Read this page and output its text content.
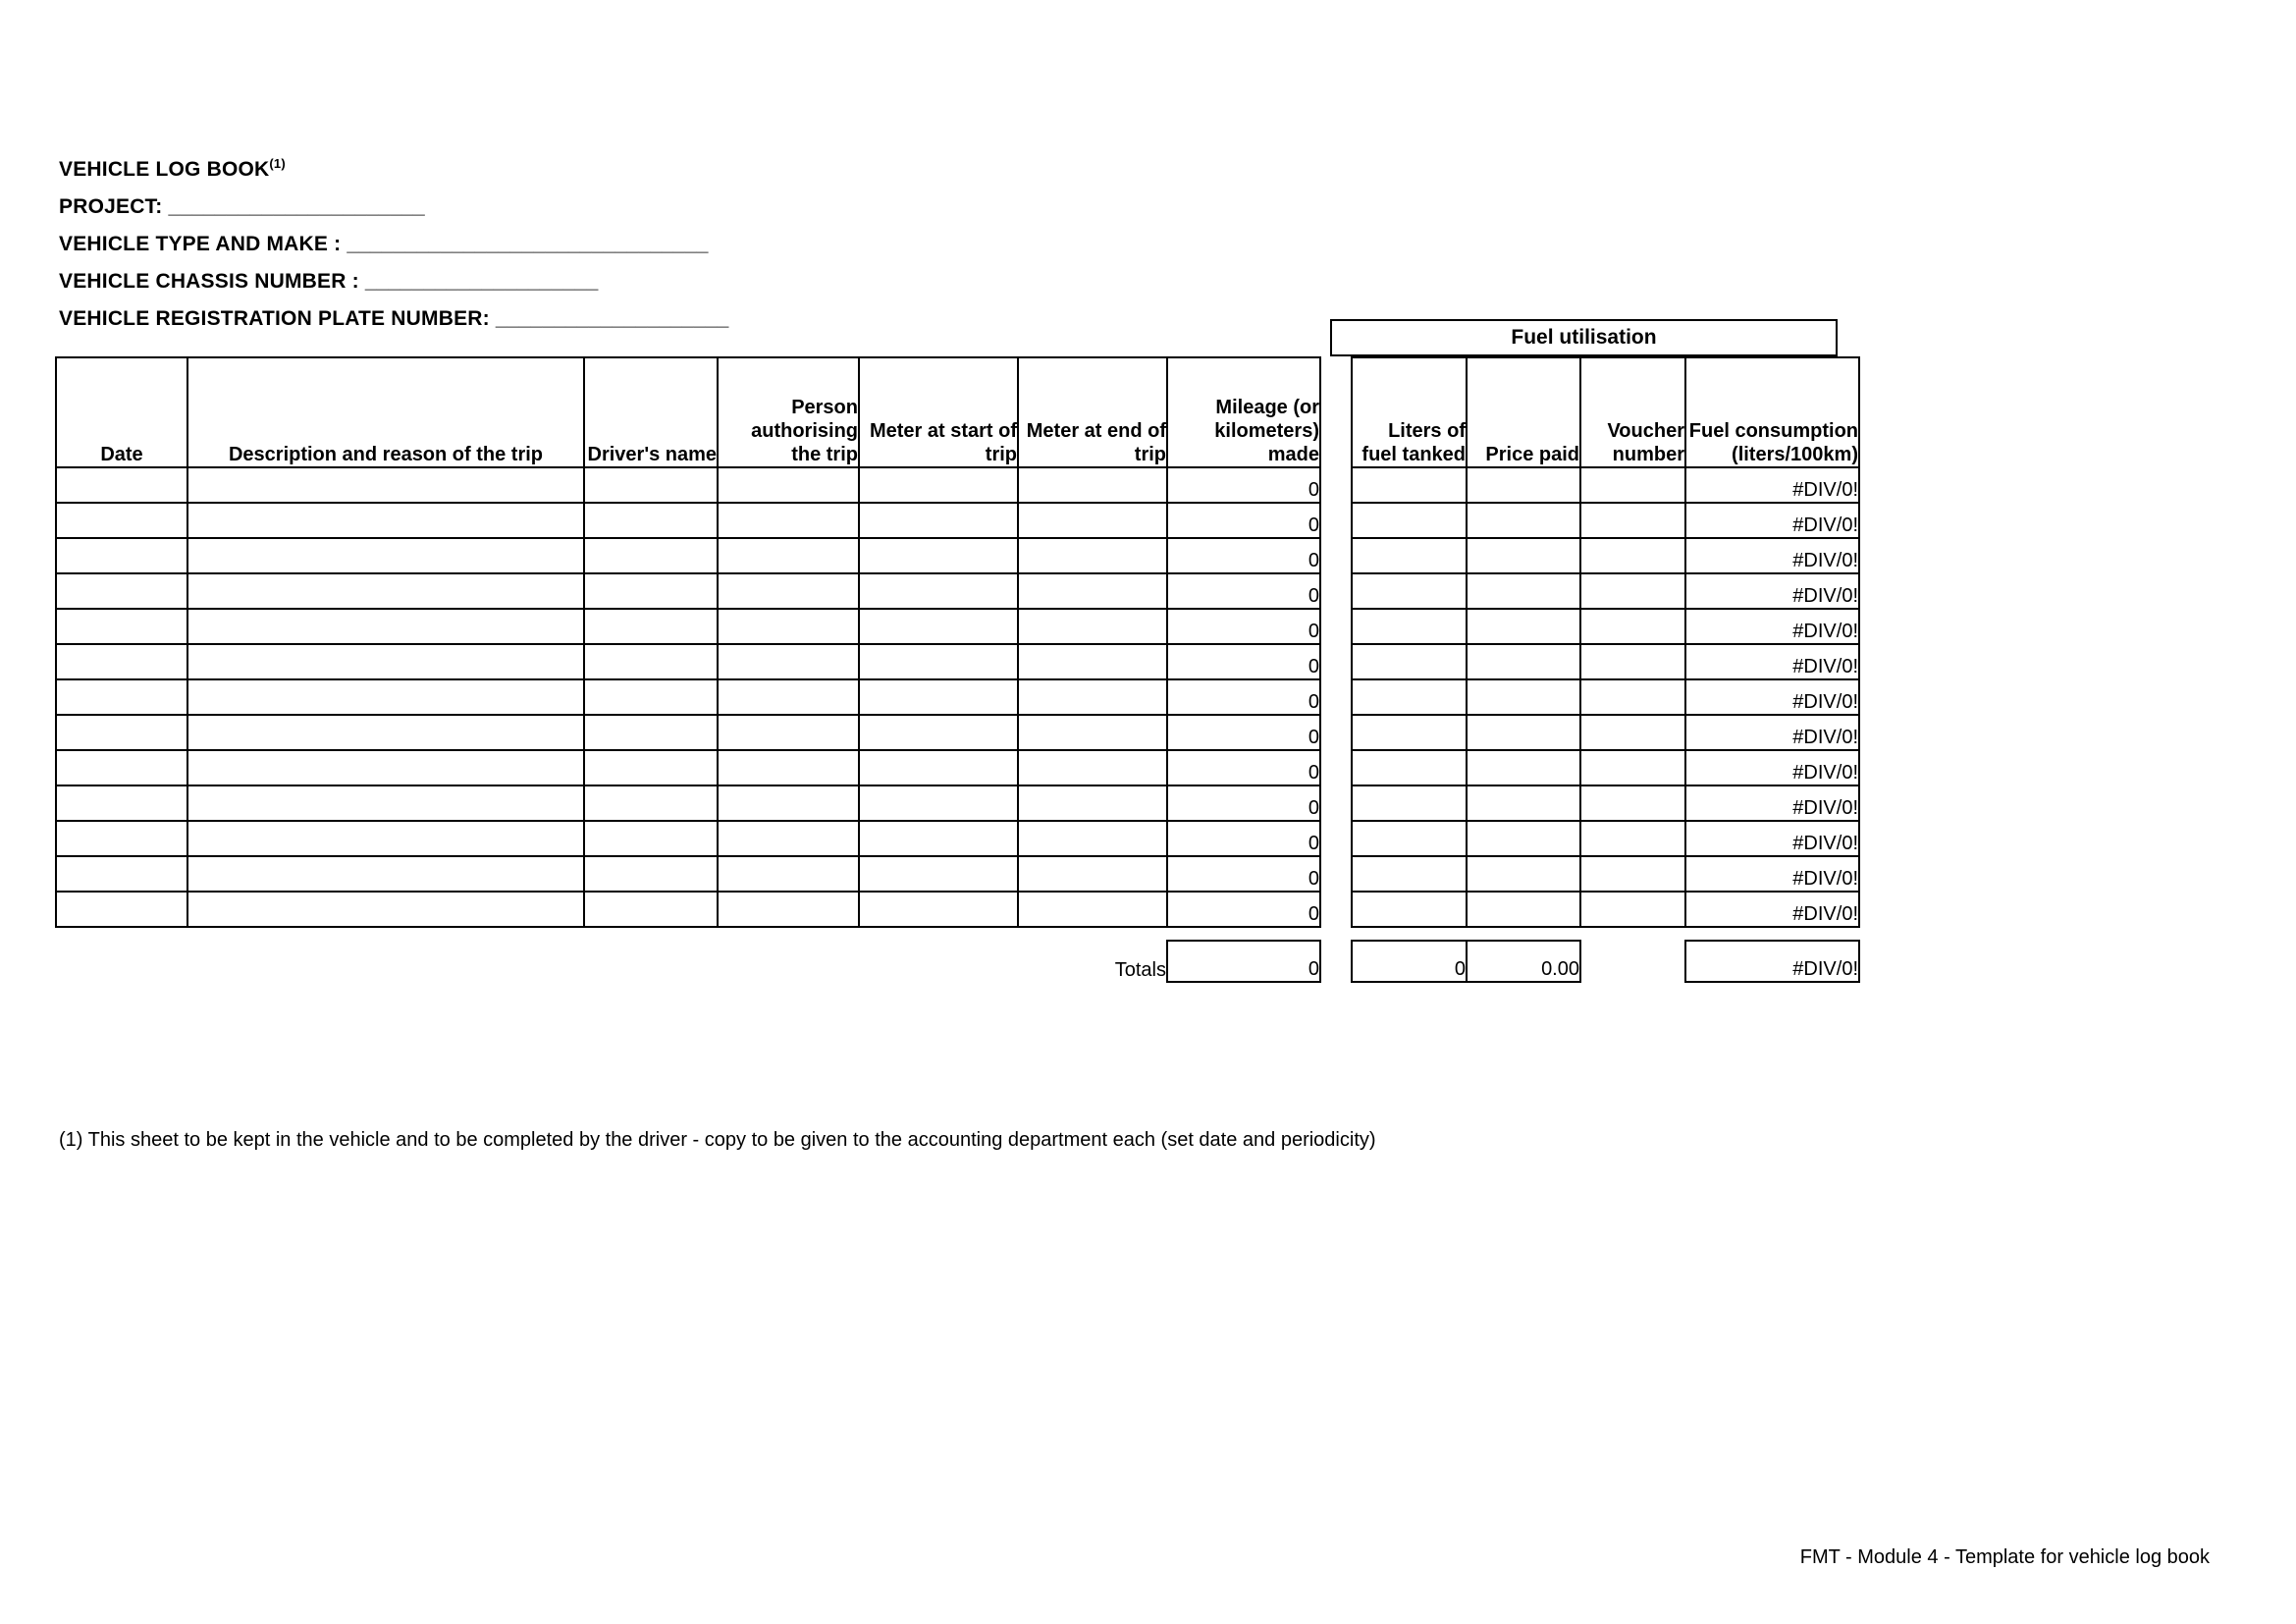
VEHICLE LOG BOOK$^{(1)}$
PROJECT: ______________________
VEHICLE TYPE AND MAKE : _______________________________
VEHICLE CHASSIS NUMBER : ____________________
VEHICLE REGISTRATION PLATE NUMBER: ____________________
Fuel utilisation
Date	Description and reason of the trip	Driver's name	Person authorising the trip	Meter at start of trip	Meter at end of trip	Mileage (or kilometers) made		Liters of fuel tanked	Price paid	Voucher number	Fuel consumption (liters/100km)
						0					#DIV/0!
						0					#DIV/0!
						0					#DIV/0!
						0					#DIV/0!
						0					#DIV/0!
						0					#DIV/0!
						0					#DIV/0!
						0					#DIV/0!
						0					#DIV/0!
						0					#DIV/0!
						0					#DIV/0!
						0					#DIV/0!
						0					#DIV/0!

					Totals	0		0	0.00		#DIV/0!
(1) This sheet to be kept in the vehicle and to be completed by the driver - copy to be given to the accounting department each (set date and periodicity)
FMT - Module 4 - Template for vehicle log book
